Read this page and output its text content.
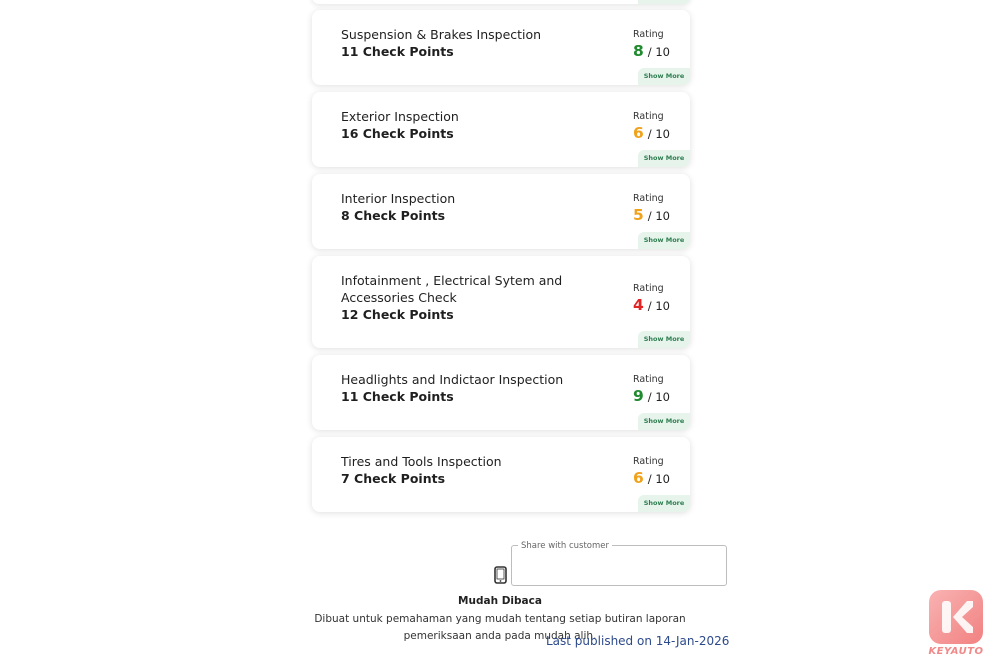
Suspension & Brakes Inspection
11 Check Points
Rating
8 / 10
Show More
Exterior Inspection
16 Check Points
Rating
6 / 10
Show More
Interior Inspection
8 Check Points
Rating
5 / 10
Show More
Infotainment , Electrical Sytem and Accessories Check
12 Check Points
Rating
4 / 10
Show More
Headlights and Indictaor Inspection
11 Check Points
Rating
9 / 10
Show More
Tires and Tools Inspection
7 Check Points
Rating
6 / 10
Show More
Share with customer
Mudah Dibaca
Dibuat untuk pemahaman yang mudah tentang setiap butiran laporan pemeriksaan anda pada mudah alih.
Last published on 14-Jan-2026
KEYAUTO
